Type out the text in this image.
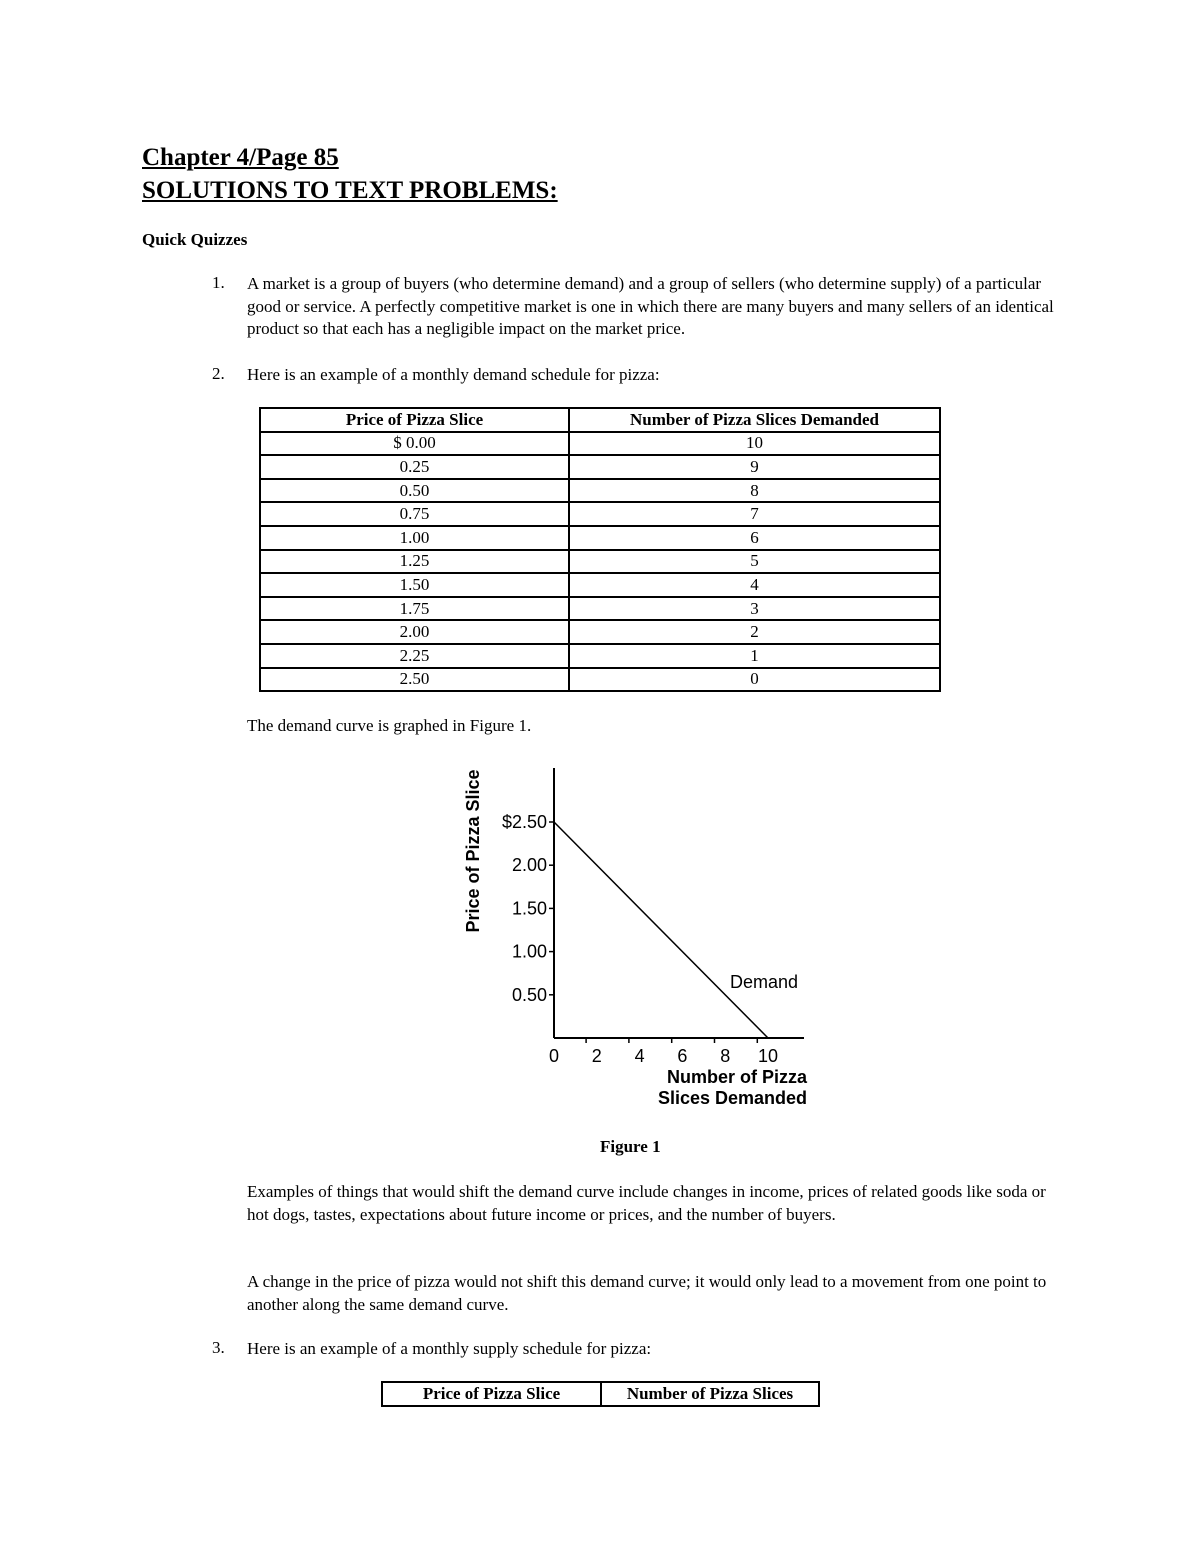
Chapter 4/Page 85
SOLUTIONS TO TEXT PROBLEMS:
Quick Quizzes
1. A market is a group of buyers (who determine demand) and a group of sellers (who determine supply) of a particular good or service. A perfectly competitive market is one in which there are many buyers and many sellers of an identical product so that each has a negligible impact on the market price.
2. Here is an example of a monthly demand schedule for pizza:
Price of Pizza Slice	Number of Pizza Slices Demanded
$ 0.00	10
0.25	9
0.50	8
0.75	7
1.00	6
1.25	5
1.50	4
1.75	3
2.00	2
2.25	1
2.50	0
The demand curve is graphed in Figure 1.
$2.50
2.00
1.50
1.00
0.50
0 2 4 6 8 10
Demand
Price of Pizza Slice
Number of Pizza
Slices Demanded
Figure 1
Examples of things that would shift the demand curve include changes in income, prices of related goods like soda or hot dogs, tastes, expectations about future income or prices, and the number of buyers.
A change in the price of pizza would not shift this demand curve; it would only lead to a movement from one point to another along the same demand curve.
3. Here is an example of a monthly supply schedule for pizza:
Price of Pizza Slice	Number of Pizza Slices
